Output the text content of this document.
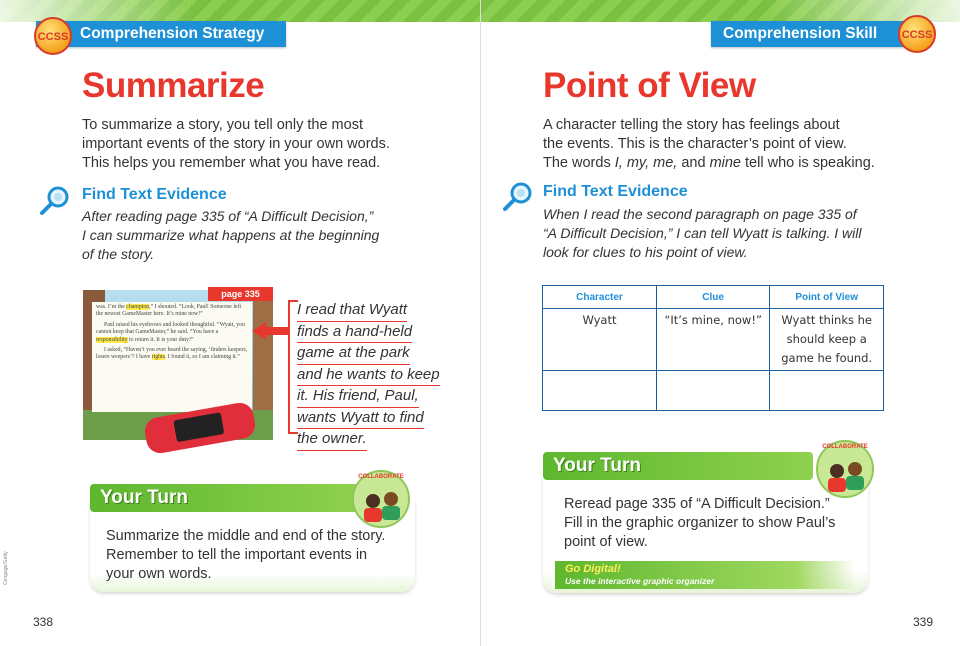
Comprehension Strategy
CCSS
Summarize
To summarize a story, you tell only the most
important events of the story in your own words.
This helps you remember what you have read.
Find Text Evidence
After reading page 335 of “A Difficult Decision,”
I can summarize what happens at the beginning
of the story.

was. I’m the champion,” I shouted. “Look, Paul! Someone left the newest GameMaster here. It’s mine now!”

Paul raised his eyebrows and looked thoughtful. “Wyatt, you cannot keep that GameMaster,” he said. “You have a responsibility to return it. It is your duty!”

I asked, “Haven’t you ever heard the saying, ‘finders keepers, losers weepers’? I have rights. I found it, so I am claiming it.”

page 335
I read that Wyatt
finds a hand-held
game at the park
and he wants to keep
it. His friend, Paul,
wants Wyatt to find
the owner.
Your Turn
COLLABORATE
Summarize the middle and end of the story.
Remember to tell the important events in
your own words.
Cengage/Getty
338
Comprehension Skill	CCSS
Point of View
A character telling the story has feelings about
the events. This is the character’s point of view.
The words I, my, me, and mine tell who is speaking.
Find Text Evidence
When I read the second paragraph on page 335 of
“A Difficult Decision,” I can tell Wyatt is talking. I will
look for clues to his point of view.
Your Turn
COLLABORATE
Reread page 335 of “A Difficult Decision.”
Fill in the graphic organizer to show Paul’s
point of view.
339
Character	Clue	Point of View
Wyatt	“It’s mine, now!”	Wyatt thinks he should keep a game he found.

Go Digital!
Use the interactive graphic organizer
